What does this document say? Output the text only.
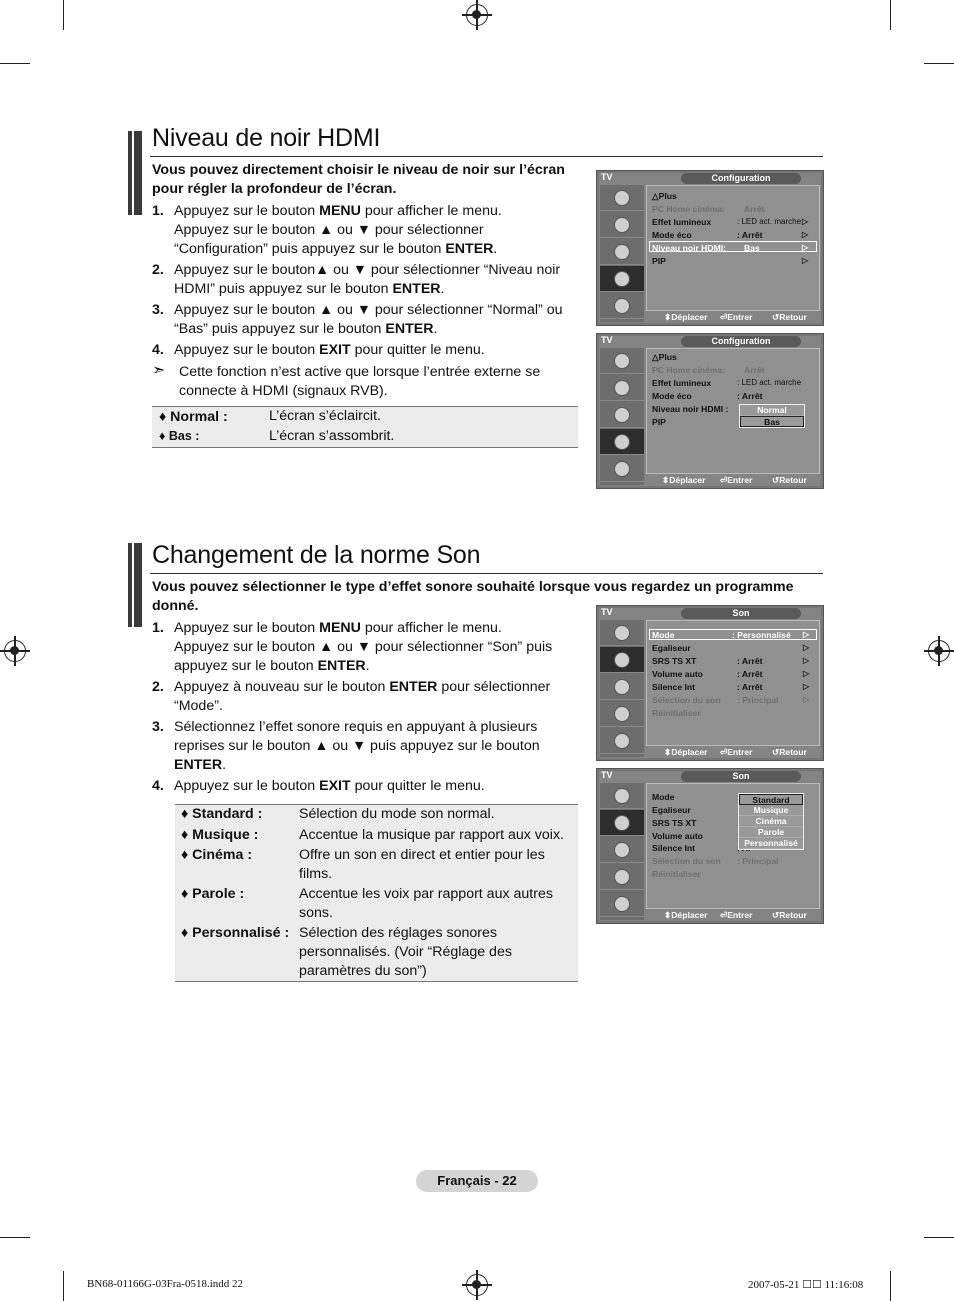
Niveau de noir HDMI
Vous pouvez directement choisir le niveau de noir sur l’écran
pour régler la profondeur de l’écran.
1. Appuyez sur le bouton MENU pour afficher le menu.
Appuyez sur le bouton ▲ ou ▼ pour sélectionner
“Configuration” puis appuyez sur le bouton ENTER.
2. Appuyez sur le bouton▲ ou ▼ pour sélectionner “Niveau noir
HDMI” puis appuyez sur le bouton ENTER.
3. Appuyez sur le bouton ▲ ou ▼ pour sélectionner “Normal” ou
“Bas” puis appuyez sur le bouton ENTER.
4. Appuyez sur le bouton EXIT pour quitter le menu.
➣ Cette fonction n’est active que lorsque l’entrée externe se
connecte à HDMI (signaux RVB).
♦ Normal :	L’écran s’éclaircit.
♦ Bas :	L’écran s’assombrit.
TV	Configuration
△Plus
PC Home cinéma: Arrêt
Effet lumineux	: LED act. marche ▷
Mode éco	: Arrêt	▷
Niveau noir HDMI: Bas	▷
PIP	▷
⬍ Déplacer ⏎ Entrer ↺ Retour
TV	Configuration
△Plus
PC Home cinéma: Arrêt
Effet lumineux	: LED act. marche
Mode éco	: Arrêt
Niveau noir HDMI :
PIP
Normal
Bas
⬍ Déplacer ⏎ Entrer ↺ Retour
Changement de la norme Son
Vous pouvez sélectionner le type d’effet sonore souhaité lorsque vous regardez un programme
donné.
1. Appuyez sur le bouton MENU pour afficher le menu.
Appuyez sur le bouton ▲ ou ▼ pour sélectionner “Son” puis
appuyez sur le bouton ENTER.
2. Appuyez à nouveau sur le bouton ENTER pour sélectionner
“Mode”.
3. Sélectionnez l’effet sonore requis en appuyant à plusieurs
reprises sur le bouton ▲ ou ▼ puis appuyez sur le bouton
ENTER.
4. Appuyez sur le bouton EXIT pour quitter le menu.
♦ Standard :	Sélection du mode son normal.
♦ Musique :	Accentue la musique par rapport aux voix.
♦ Cinéma :	Offre un son en direct et entier pour les
films.
♦ Parole :	Accentue les voix par rapport aux autres
sons.
♦ Personnalisé : Sélection des réglages sonores
personnalisés. (Voir “Réglage des
paramètres du son”)
TV	Son
Mode	: Personnalisé ▷
Egaliseur	▷
SRS TS XT	: Arrêt	▷
Volume auto	: Arrêt	▷
Silence Int	: Arrêt	▷
Sélection du son : Principal	▷
Réinitialiser
⬍ Déplacer ⏎ Entrer ↺ Retour
TV	Son
Mode
Egaliseur
SRS TS XT
Volume auto
Silence Int
Sélection du son : Principal
Réinitialiser
Standard
Musique
Cinéma
Parole
Personnalisé
⬍ Déplacer ⏎ Entrer ↺ Retour
Français - 22
BN68-01166G-03Fra-0518.indd 22	2007-05-21 ☐☐ 11:16:08
